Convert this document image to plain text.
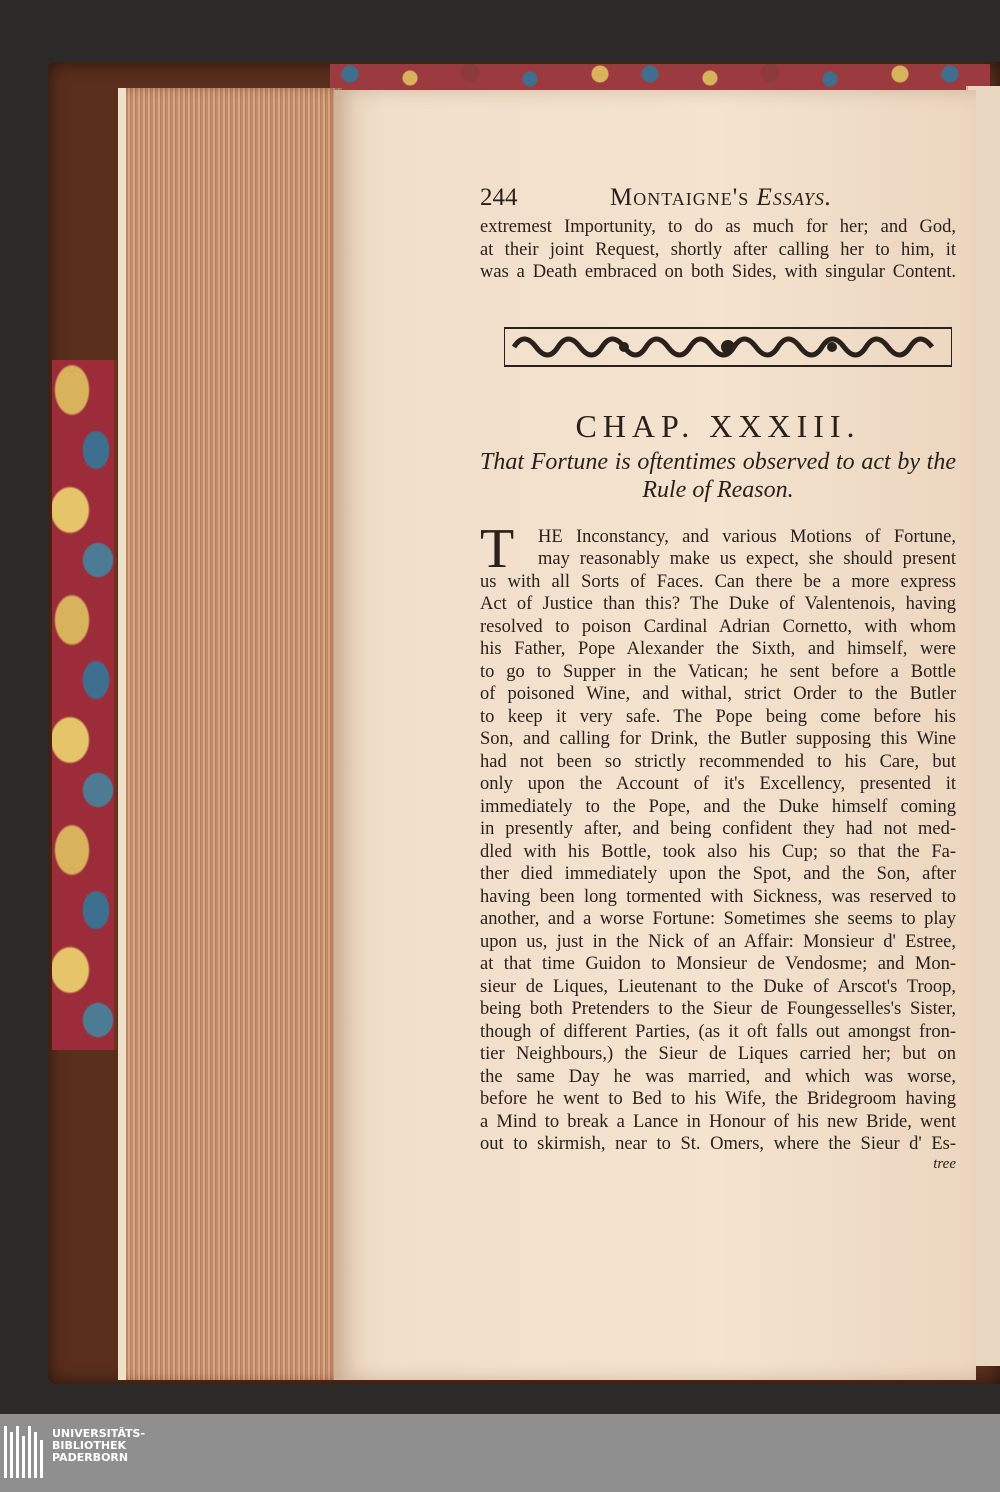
244	Montaigne's Essays.
extremest Importunity, to do as much for her; and God,
at their joint Request, shortly after calling her to him, it
was a Death embraced on both Sides, with singular Content.
CHAP. XXXIII.
That Fortune is oftentimes observed to act by the
Rule of Reason.
T	HE Inconstancy, and various Motions of Fortune,
may reasonably make us expect, she should present
us with all Sorts of Faces. Can there be a more express
Act of Justice than this? The Duke of Valentenois, having
resolved to poison Cardinal Adrian Cornetto, with whom
his Father, Pope Alexander the Sixth, and himself, were
to go to Supper in the Vatican; he sent before a Bottle
of poisoned Wine, and withal, strict Order to the Butler
to keep it very safe. The Pope being come before his
Son, and calling for Drink, the Butler supposing this Wine
had not been so strictly recommended to his Care, but
only upon the Account of it's Excellency, presented it
immediately to the Pope, and the Duke himself coming
in presently after, and being confident they had not med-
dled with his Bottle, took also his Cup; so that the Fa-
ther died immediately upon the Spot, and the Son, after
having been long tormented with Sickness, was reserved to
another, and a worse Fortune: Sometimes she seems to play
upon us, just in the Nick of an Affair: Monsieur d' Estree,
at that time Guidon to Monsieur de Vendosme; and Mon-
sieur de Liques, Lieutenant to the Duke of Arscot's Troop,
being both Pretenders to the Sieur de Foungesselles's Sister,
though of different Parties, (as it oft falls out amongst fron-
tier Neighbours,) the Sieur de Liques carried her; but on
the same Day he was married, and which was worse,
before he went to Bed to his Wife, the Bridegroom having
a Mind to break a Lance in Honour of his new Bride, went
out to skirmish, near to St. Omers, where the Sieur d' Es-
tree
UNIVERSITÄTS-
BIBLIOTHEK
PADERBORN
